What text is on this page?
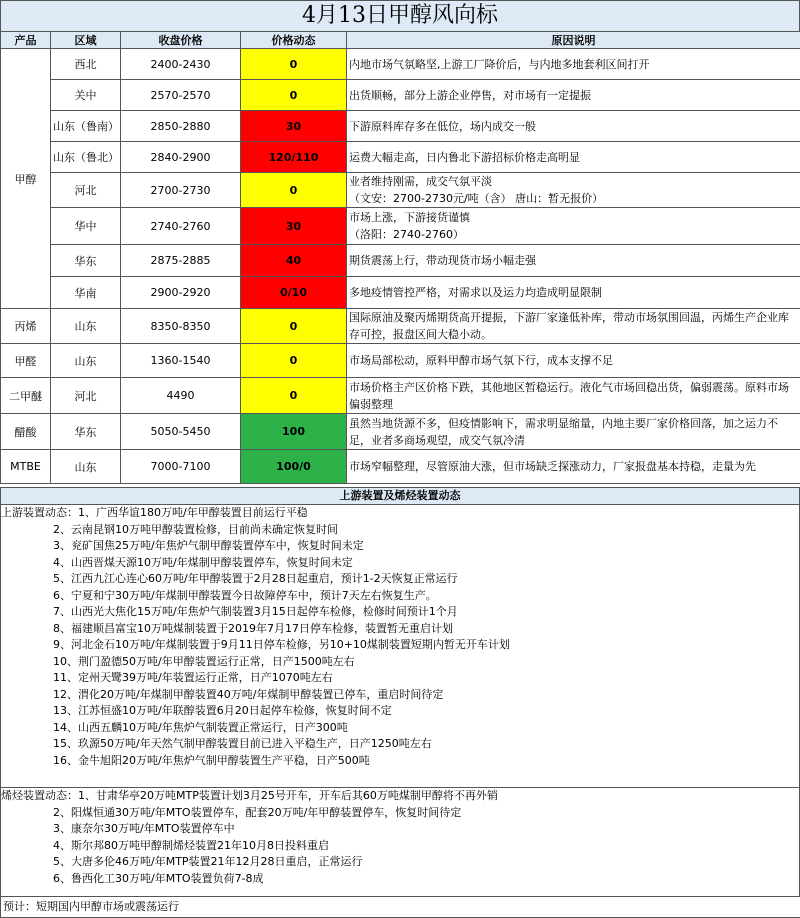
4月13日甲醇风向标
产品	区域	收盘价格	价格动态	原因说明
甲醇	西北	2400-2430	0	内地市场气氛略坚,上游工厂降价后，与内地多地套利区间打开
	关中	2570-2570	0	出货顺畅，部分上游企业停售，对市场有一定提振
	山东（鲁南）	2850-2880	30	下游原料库存多在低位，场内成交一般
	山东（鲁北）	2840-2900	120/110	运费大幅走高，日内鲁北下游招标价格走高明显
	河北	2700-2730	0	业者维持刚需，成交气氛平淡
（文安：2700-2730元/吨（含） 唐山：暂无报价）

	华中	2740-2760	30	市场上涨，下游接货谨慎
（洛阳：2740-2760）

	华东	2875-2885	40	期货震荡上行，带动现货市场小幅走强
	华南	2900-2920	0/10	多地疫情管控严格，对需求以及运力均造成明显限制
丙烯	山东	8350-8350	0	国际原油及聚丙烯期货高开提振，下游厂家逢低补库，带动市场氛围回温，丙烯生产企业库存可控，报盘区间大稳小动。
甲醛	山东	1360-1540	0	市场局部松动，原料甲醇市场气氛下行，成本支撑不足
二甲醚	河北	4490	0	市场价格主产区价格下跌，其他地区暂稳运行。液化气市场回稳出货，偏弱震荡。原料市场偏弱整理
醋酸	华东	5050-5450	100	虽然当地货源不多，但疫情影响下，需求明显缩量，内地主要厂家价格回落，加之运力不足，业者多商场观望，成交气氛冷清
MTBE	山东	7000-7100	100/0	市场窄幅整理，尽管原油大涨，但市场缺乏探涨动力，厂家报盘基本持稳，走量为先
上游装置及烯烃装置动态
上游装置动态：1、广西华谊180万吨/年甲醇装置目前运行平稳
2、云南昆钢10万吨甲醇装置检修，目前尚未确定恢复时间
3、兖矿国焦25万吨/年焦炉气制甲醇装置停车中，恢复时间未定
4、山西晋煤天源10万吨/年煤制甲醇装置停车，恢复时间未定
5、江西九江心连心60万吨/年甲醇装置于2月28日起重启，预计1-2天恢复正常运行
6、宁夏和宁30万吨/年煤制甲醇装置今日故障停车中，预计7天左右恢复生产。
7、山西光大焦化15万吨/年焦炉气制装置3月15日起停车检修，检修时间预计1个月
8、福建顺昌富宝10万吨煤制装置于2019年7月17日停车检修，装置暂无重启计划
9、河北金石10万吨/年煤制装置于9月11日停车检修，另10+10煤制装置短期内暂无开车计划
10、荆门盈德50万吨/年甲醇装置运行正常，日产1500吨左右
11、定州天鹭39万吨/年装置运行正常，日产1070吨左右
12、渭化20万吨/年煤制甲醇装置40万吨/年煤制甲醇装置已停车，重启时间待定
13、江苏恒盛10万吨/年联醇装置6月20日起停车检修，恢复时间不定
14、山西五麟10万吨/年焦炉气制装置正常运行，日产300吨
15、玖源50万吨/年天然气制甲醇装置目前已进入平稳生产，日产1250吨左右
16、金牛旭阳20万吨/年焦炉气制甲醇装置生产平稳，日产500吨
烯烃装置动态：1、甘肃华亭20万吨MTP装置计划3月25号开车，开车后其60万吨煤制甲醇将不再外销
2、阳煤恒通30万吨/年MTO装置停车，配套20万吨/年甲醇装置停车，恢复时间待定
3、康奈尔30万吨/年MTO装置停车中
4、斯尔邦80万吨甲醇制烯烃装置21年10月8日投料重启
5、大唐多伦46万吨/年MTP装置21年12月28日重启，正常运行
6、鲁西化工30万吨/年MTO装置负荷7-8成
预计：短期国内甲醇市场或震荡运行
